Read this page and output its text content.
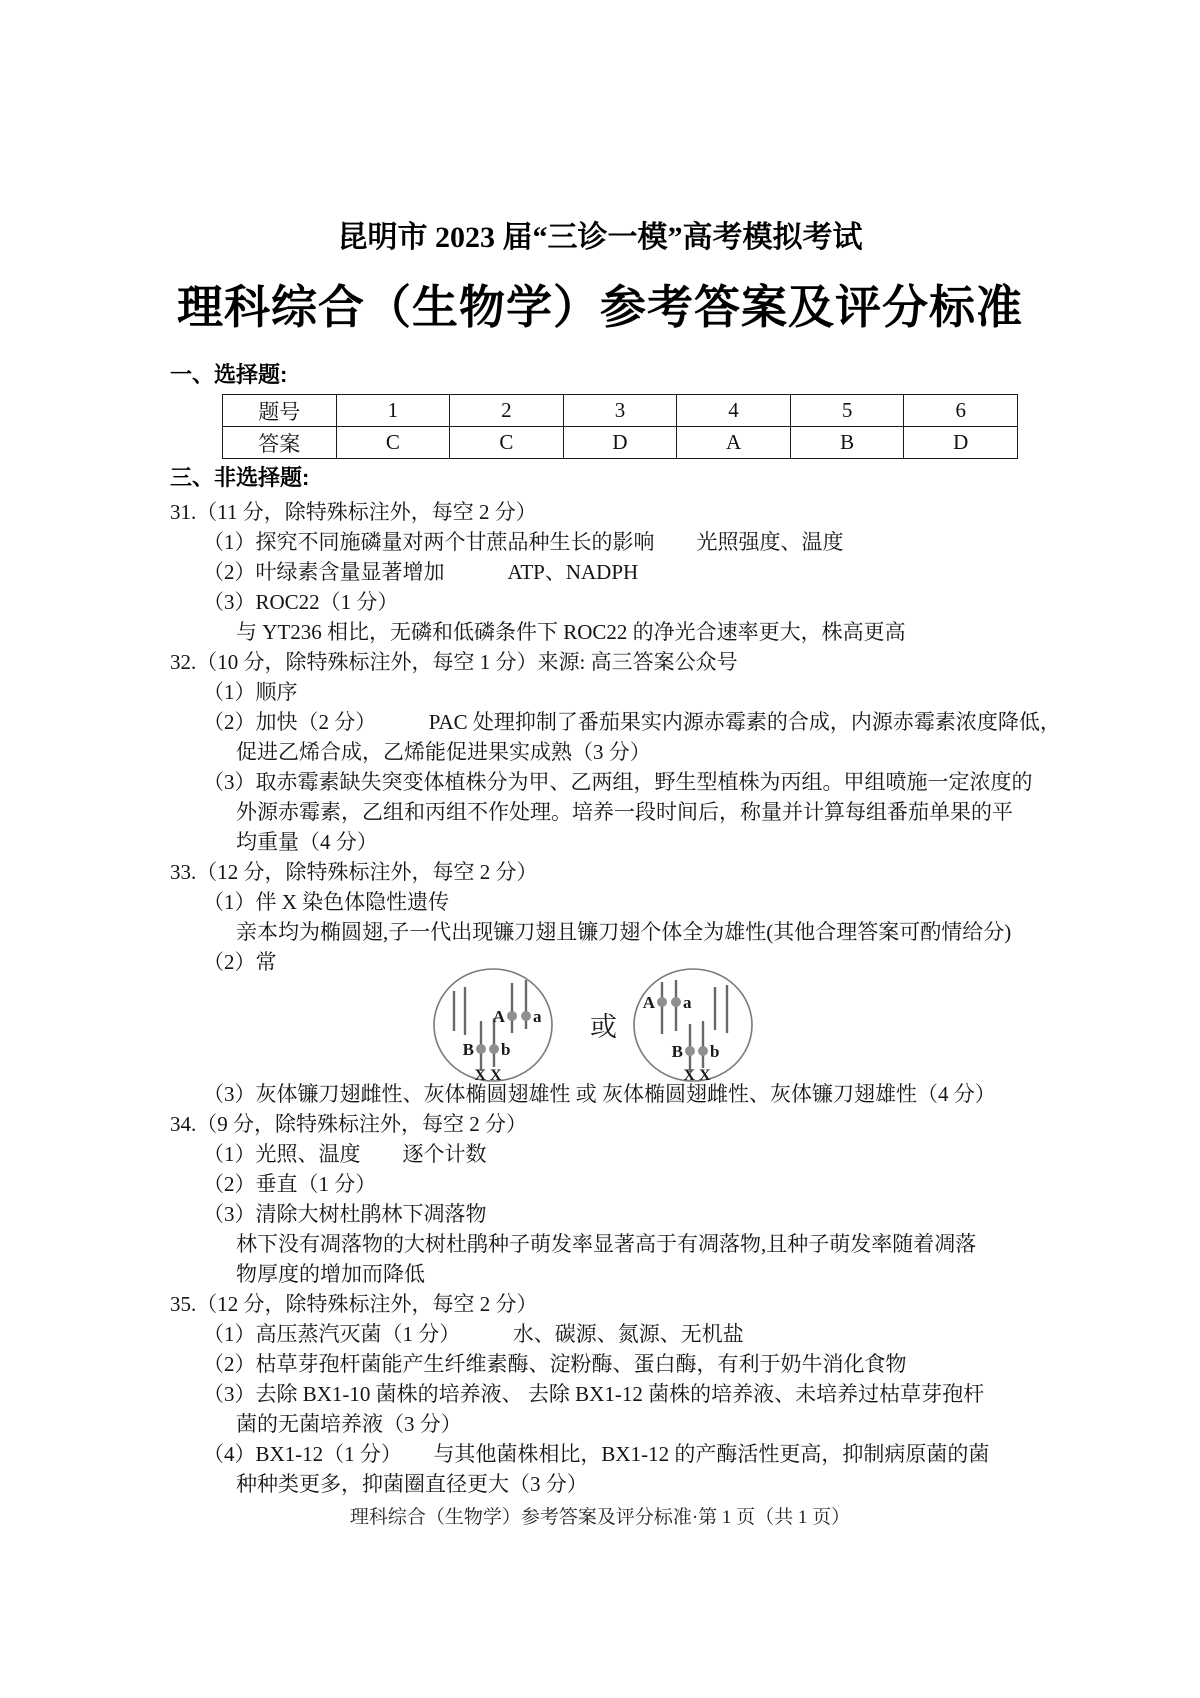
昆明市 2023 届“三诊一模”高考模拟考试
理科综合（生物学）参考答案及评分标准
一、选择题:
题号	1	2	3	4	5	6
答案	C	C	D	A	B	D
三、非选择题:
31.（11 分，除特殊标注外，每空 2 分）
（1）探究不同施磷量对两个甘蔗品种生长的影响　　光照强度、温度
（2）叶绿素含量显著增加　　　ATP、NADPH
（3）ROC22（1 分）
与 YT236 相比，无磷和低磷条件下 ROC22 的净光合速率更大，株高更高
32.（10 分，除特殊标注外，每空 1 分）来源: 高三答案公众号
（1）顺序
（2）加快（2 分）　　　PAC 处理抑制了番茄果实内源赤霉素的合成，内源赤霉素浓度降低，
促进乙烯合成，乙烯能促进果实成熟（3 分）
（3）取赤霉素缺失突变体植株分为甲、乙两组，野生型植株为丙组。甲组喷施一定浓度的
外源赤霉素，乙组和丙组不作处理。培养一段时间后，称量并计算每组番茄单果的平
均重量（4 分）
33.（12 分，除特殊标注外，每空 2 分）
（1）伴 X 染色体隐性遗传
亲本均为椭圆翅,子一代出现镰刀翅且镰刀翅个体全为雄性(其他合理答案可酌情给分)
（2）常
A a
B b
X X
或
A a
B b
X X
（3）灰体镰刀翅雌性、灰体椭圆翅雄性 或 灰体椭圆翅雌性、灰体镰刀翅雄性（4 分）
34.（9 分，除特殊标注外，每空 2 分）
（1）光照、温度　　逐个计数
（2）垂直（1 分）
（3）清除大树杜鹃林下凋落物
林下没有凋落物的大树杜鹃种子萌发率显著高于有凋落物,且种子萌发率随着凋落
物厚度的增加而降低
35.（12 分，除特殊标注外，每空 2 分）
（1）高压蒸汽灭菌（1 分）　　　水、碳源、氮源、无机盐
（2）枯草芽孢杆菌能产生纤维素酶、淀粉酶、蛋白酶，有利于奶牛消化食物
（3）去除 BX1-10 菌株的培养液、 去除 BX1-12 菌株的培养液、未培养过枯草芽孢杆
菌的无菌培养液（3 分）
（4）BX1-12（1 分）　　与其他菌株相比，BX1-12 的产酶活性更高，抑制病原菌的菌
种种类更多，抑菌圈直径更大（3 分）
理科综合（生物学）参考答案及评分标准·第 1 页（共 1 页）
